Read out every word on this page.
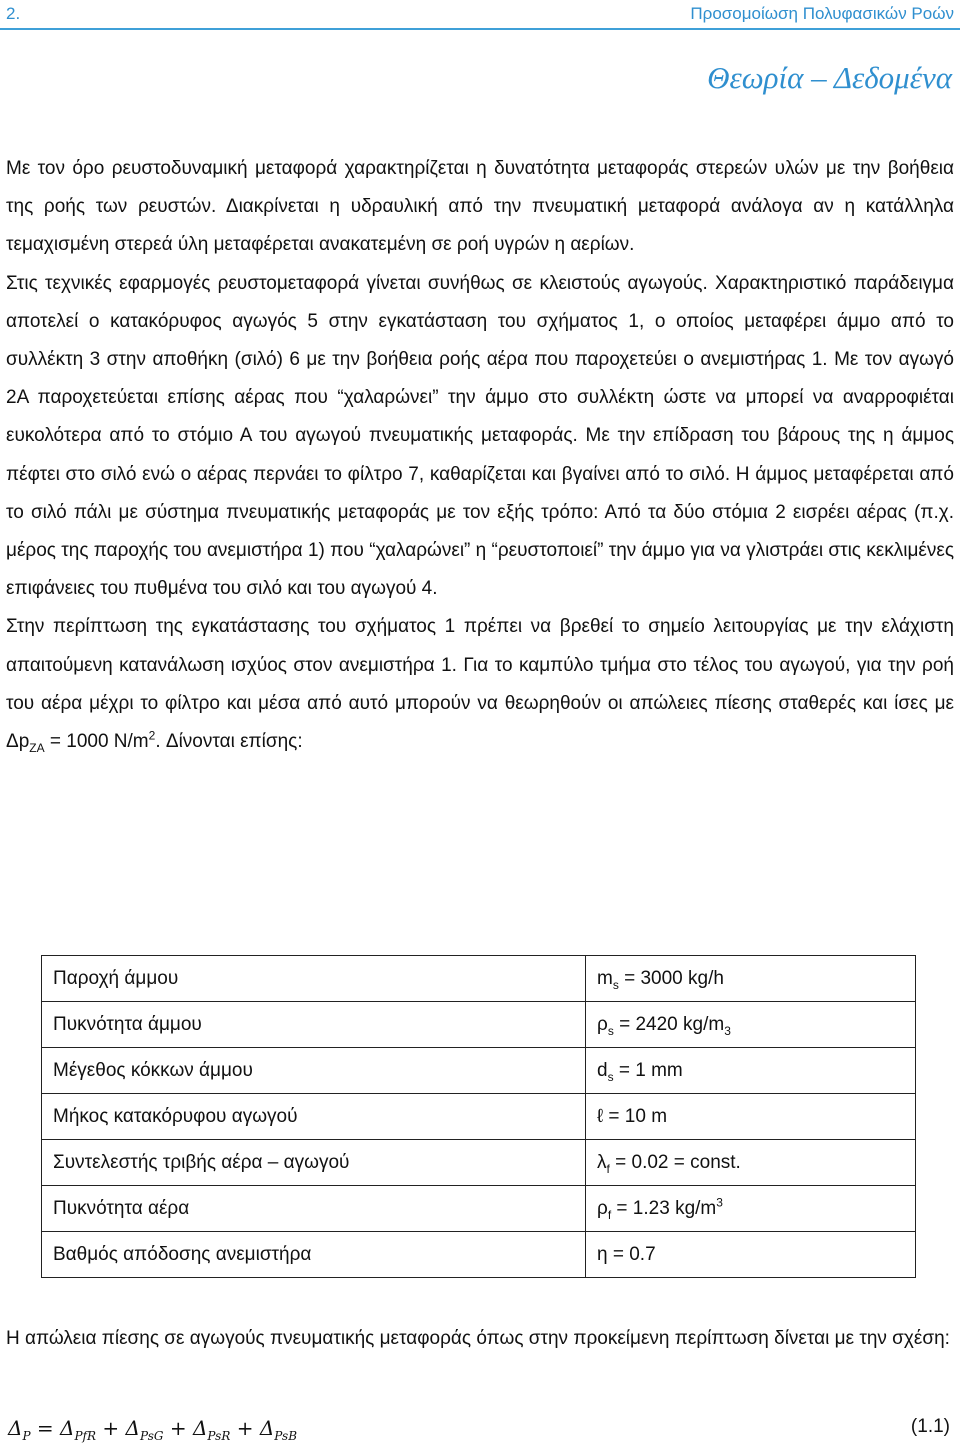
2.	Προσομοίωση Πολυφασικών Ροών
Θεωρία – Δεδομένα

Με τον όρο ρευστοδυναμική μεταφορά χαρακτηρίζεται η δυνατότητα μεταφοράς στερεών υλών με την βοήθεια της ροής των ρευστών. Διακρίνεται η υδραυλική από την πνευματική μεταφορά ανάλογα αν η κατάλληλα τεμαχισμένη στερεά ύλη μεταφέρεται ανακατεμένη σε ροή υγρών η αερίων.

Στις τεχνικές εφαρμογές ρευστομεταφορά γίνεται συνήθως σε κλειστούς αγωγούς. Χαρακτηριστικό παράδειγμα αποτελεί ο κατακόρυφος αγωγός 5 στην εγκατάσταση του σχήματος 1, ο οποίος μεταφέρει άμμο από το συλλέκτη 3 στην αποθήκη (σιλό) 6 με την βοήθεια ροής αέρα που παροχετεύει ο ανεμιστήρας 1. Με τον αγωγό 2Α παροχετεύεται επίσης αέρας που “χαλαρώνει” την άμμο στο συλλέκτη ώστε να μπορεί να αναρροφιέται ευκολότερα από το στόμιο Α του αγωγού πνευματικής μεταφοράς. Με την επίδραση του βάρους της η άμμος πέφτει στο σιλό ενώ ο αέρας περνάει το φίλτρο 7, καθαρίζεται και βγαίνει από το σιλό. Η άμμος μεταφέρεται από το σιλό πάλι με σύστημα πνευματικής μεταφοράς με τον εξής τρόπο: Από τα δύο στόμια 2 εισρέει αέρας (π.χ. μέρος της παροχής του ανεμιστήρα 1) που “χαλαρώνει” η “ρευστοποιεί” την άμμο για να γλιστράει στις κεκλιμένες επιφάνειες του πυθμένα του σιλό και του αγωγού 4.

Στην περίπτωση της εγκατάστασης του σχήματος 1 πρέπει να βρεθεί το σημείο λειτουργίας με την ελάχιστη απαιτούμενη κατανάλωση ισχύος στον ανεμιστήρα 1. Για το καμπύλο τμήμα στο τέλος του αγωγού, για την ροή του αέρα μέχρι το φίλτρο και μέσα από αυτό μπορούν να θεωρηθούν οι απώλειες πίεσης σταθερές και ίσες με $\Delta p_{ZA} = 1000$ $N/m^2$. Δίνονται επίσης:

Παροχή άμμου	$m_s = 3000$ kg/h
Πυκνότητα άμμου	$\rho_s = 2420$ $kg/m_3$
Μέγεθος κόκκων άμμου	$d_s = 1$ mm
Μήκος κατακόρυφου αγωγού	ℓ = 10 m
Συντελεστής τριβής αέρα – αγωγού	$\lambda_f = 0.02$ = const.
Πυκνότητα αέρα	$\rho_f = 1.23$ $kg/m^3$
Βαθμός απόδοσης ανεμιστήρα	η = 0.7

Η απώλεια πίεσης σε αγωγούς πνευματικής μεταφοράς όπως στην προκείμενη περίπτωση δίνεται με την σχέση:

$\Delta_P = \Delta_{PfR} + \Delta_{PsG} + \Delta_{PsR} + \Delta_{PsB}$	(1.1)
